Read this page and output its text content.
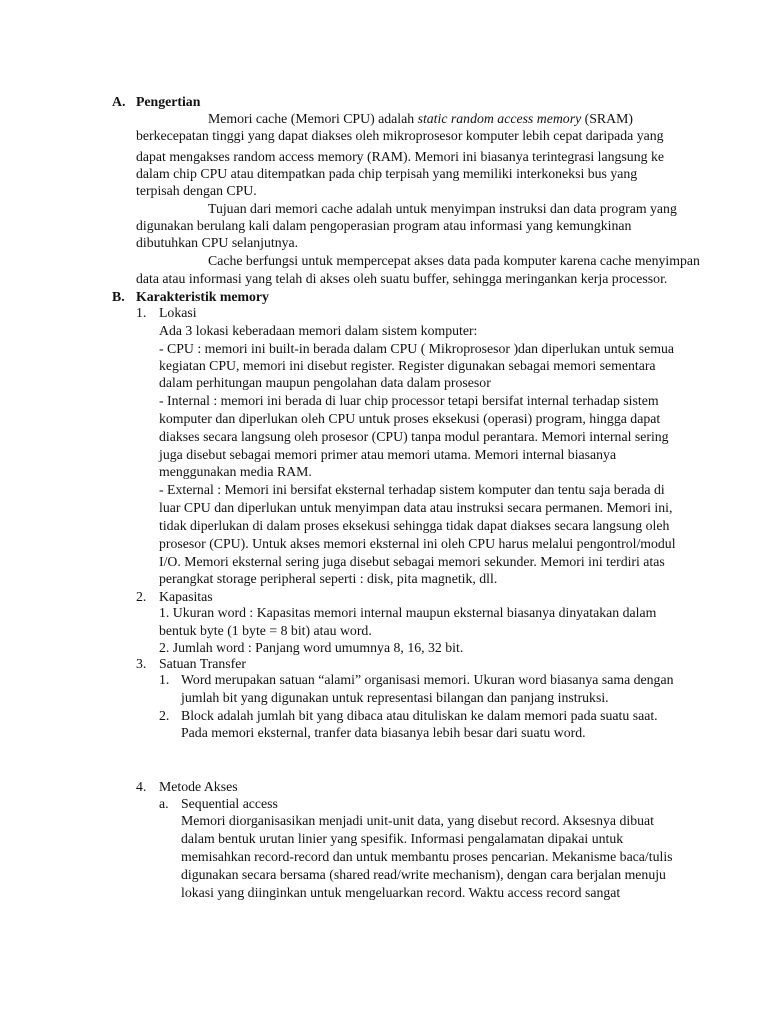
A. Pengertian
Memori cache (Memori CPU) adalah static random access memory (SRAM)
berkecepatan tinggi yang dapat diakses oleh mikroprosesor komputer lebih cepat daripada yang
dapat mengakses random access memory (RAM). Memori ini biasanya terintegrasi langsung ke
dalam chip CPU atau ditempatkan pada chip terpisah yang memiliki interkoneksi bus yang
terpisah dengan CPU.
Tujuan dari memori cache adalah untuk menyimpan instruksi dan data program yang
digunakan berulang kali dalam pengoperasian program atau informasi yang kemungkinan
dibutuhkan CPU selanjutnya.
Cache berfungsi untuk mempercepat akses data pada komputer karena cache menyimpan
data atau informasi yang telah di akses oleh suatu buffer, sehingga meringankan kerja processor.
B. Karakteristik memory
1. Lokasi
Ada 3 lokasi keberadaan memori dalam sistem komputer:
- CPU : memori ini built-in berada dalam CPU ( Mikroprosesor )dan diperlukan untuk semua
kegiatan CPU, memori ini disebut register. Register digunakan sebagai memori sementara
dalam perhitungan maupun pengolahan data dalam prosesor
- Internal : memori ini berada di luar chip processor tetapi bersifat internal terhadap sistem
komputer dan diperlukan oleh CPU untuk proses eksekusi (operasi) program, hingga dapat
diakses secara langsung oleh prosesor (CPU) tanpa modul perantara. Memori internal sering
juga disebut sebagai memori primer atau memori utama. Memori internal biasanya
menggunakan media RAM.
- External : Memori ini bersifat eksternal terhadap sistem komputer dan tentu saja berada di
luar CPU dan diperlukan untuk menyimpan data atau instruksi secara permanen. Memori ini,
tidak diperlukan di dalam proses eksekusi sehingga tidak dapat diakses secara langsung oleh
prosesor (CPU). Untuk akses memori eksternal ini oleh CPU harus melalui pengontrol/modul
I/O. Memori eksternal sering juga disebut sebagai memori sekunder. Memori ini terdiri atas
perangkat storage peripheral seperti : disk, pita magnetik, dll.
2. Kapasitas
1. Ukuran word : Kapasitas memori internal maupun eksternal biasanya dinyatakan dalam
bentuk byte (1 byte = 8 bit) atau word.
2. Jumlah word : Panjang word umumnya 8, 16, 32 bit.
3. Satuan Transfer
1. Word merupakan satuan “alami” organisasi memori. Ukuran word biasanya sama dengan
jumlah bit yang digunakan untuk representasi bilangan dan panjang instruksi.
2. Block adalah jumlah bit yang dibaca atau dituliskan ke dalam memori pada suatu saat.
Pada memori eksternal, tranfer data biasanya lebih besar dari suatu word.
4. Metode Akses
a. Sequential access
Memori diorganisasikan menjadi unit-unit data, yang disebut record. Aksesnya dibuat
dalam bentuk urutan linier yang spesifik. Informasi pengalamatan dipakai untuk
memisahkan record-record dan untuk membantu proses pencarian. Mekanisme baca/tulis
digunakan secara bersama (shared read/write mechanism), dengan cara berjalan menuju
lokasi yang diinginkan untuk mengeluarkan record. Waktu access record sangat
